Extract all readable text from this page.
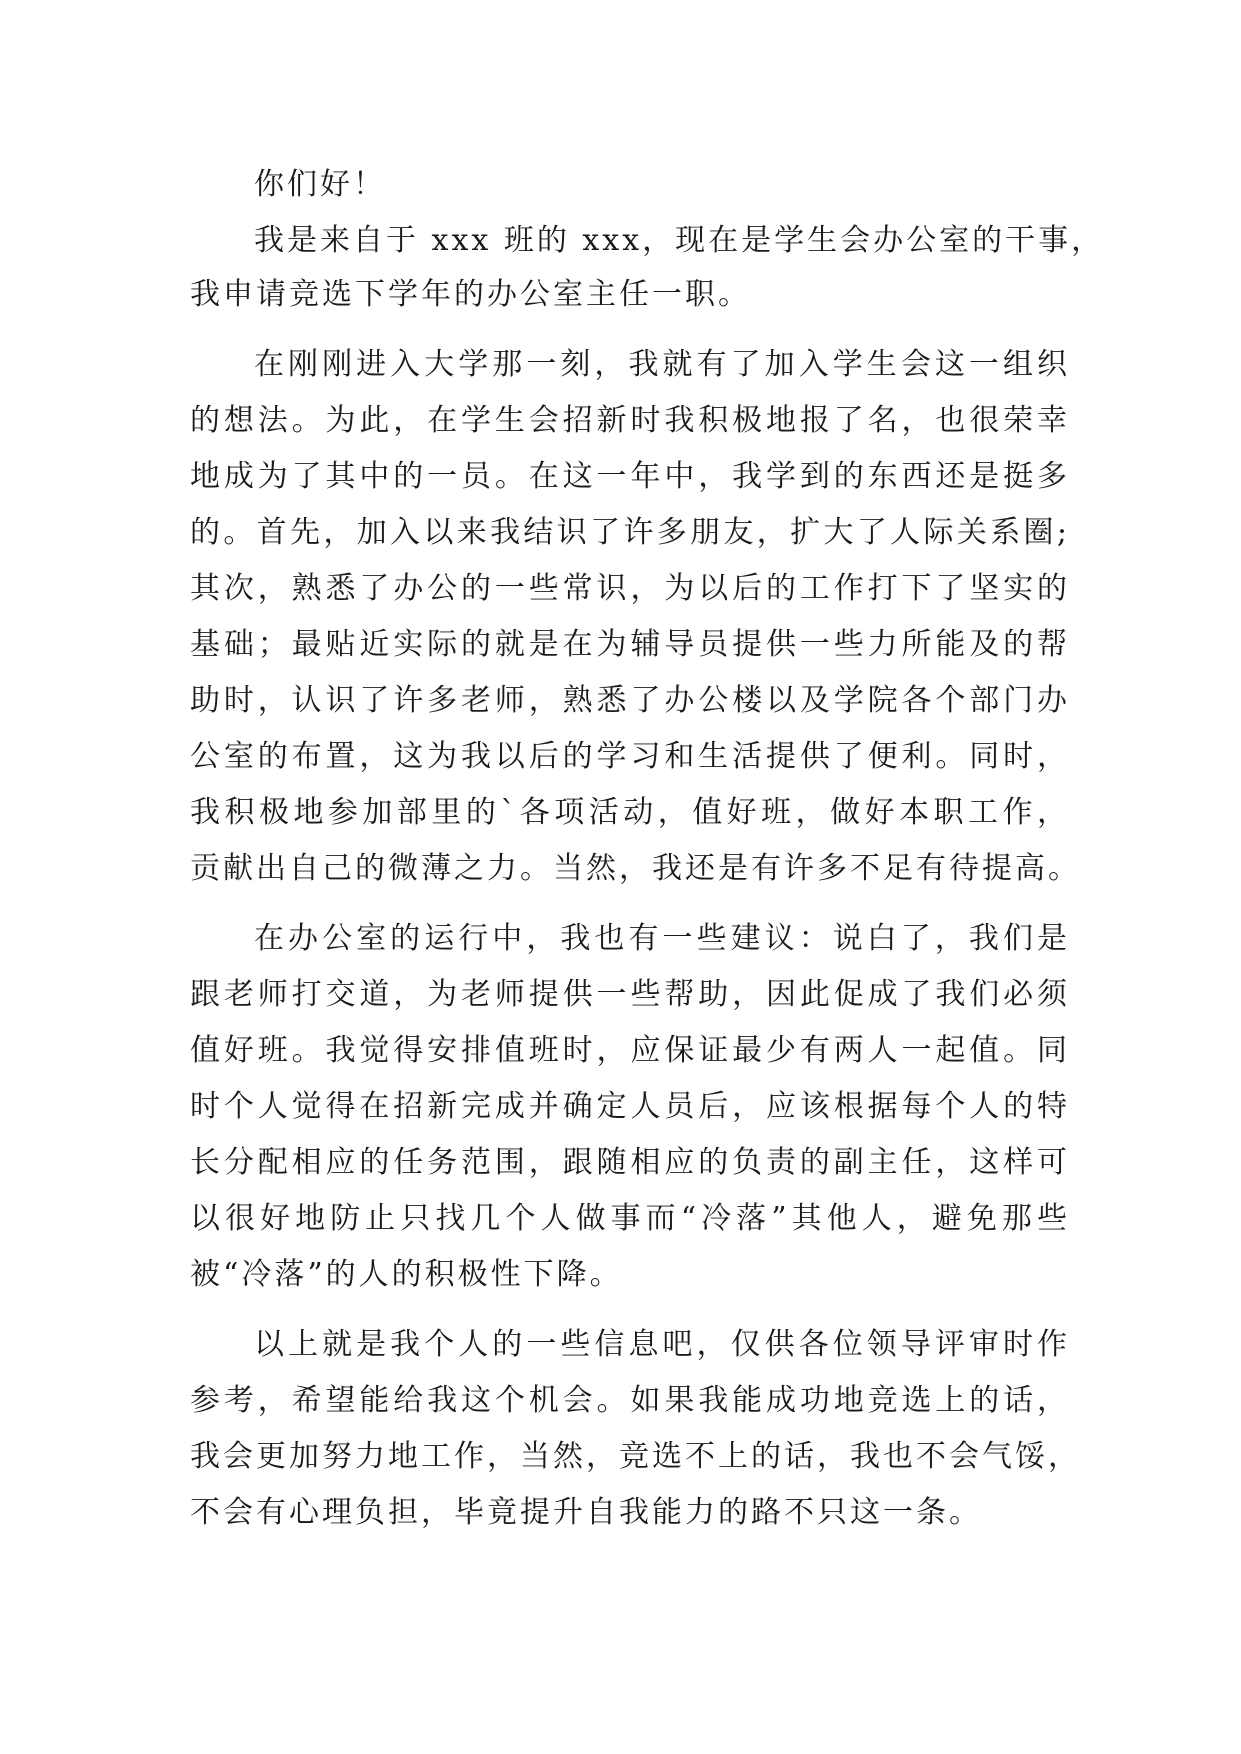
你们好！
我是来自于 xxx 班的 xxx，现在是学生会办公室的干事，
我申请竞选下学年的办公室主任一职。
在刚刚进入大学那一刻，我就有了加入学生会这一组织
的想法。为此，在学生会招新时我积极地报了名，也很荣幸
地成为了其中的一员。在这一年中，我学到的东西还是挺多
的。首先，加入以来我结识了许多朋友，扩大了人际关系圈;
其次，熟悉了办公的一些常识，为以后的工作打下了坚实的
基础；最贴近实际的就是在为辅导员提供一些力所能及的帮
助时，认识了许多老师，熟悉了办公楼以及学院各个部门办
公室的布置，这为我以后的学习和生活提供了便利。同时，
我积极地参加部里的`各项活动，值好班，做好本职工作，
贡献出自己的微薄之力。当然，我还是有许多不足有待提高。
在办公室的运行中，我也有一些建议：说白了，我们是
跟老师打交道，为老师提供一些帮助，因此促成了我们必须
值好班。我觉得安排值班时，应保证最少有两人一起值。同
时个人觉得在招新完成并确定人员后，应该根据每个人的特
长分配相应的任务范围，跟随相应的负责的副主任，这样可
以很好地防止只找几个人做事而“冷落”其他人，避免那些
被“冷落”的人的积极性下降。
以上就是我个人的一些信息吧，仅供各位领导评审时作
参考，希望能给我这个机会。如果我能成功地竞选上的话，
我会更加努力地工作，当然，竞选不上的话，我也不会气馁，
不会有心理负担，毕竟提升自我能力的路不只这一条。
